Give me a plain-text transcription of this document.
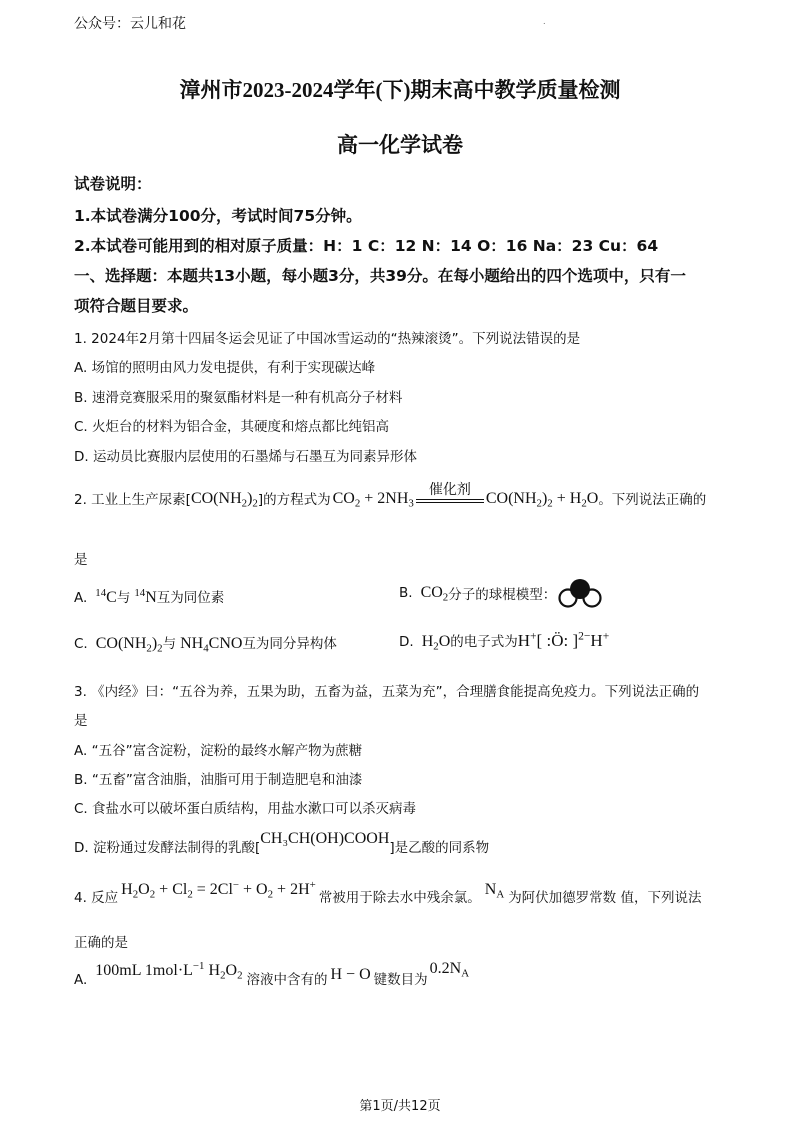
公众号：云儿和花	.
漳州市2023-2024学年(下)期末高中教学质量检测
高一化学试卷
试卷说明：
1.本试卷满分100分，考试时间75分钟。
2.本试卷可能用到的相对原子质量：H：1 C：12 N：14 O：16 Na：23 Cu：64
一、选择题：本题共13小题，每小题3分，共39分。在每小题给出的四个选项中，只有一
项符合题目要求。
1. 2024年2月第十四届冬运会见证了中国冰雪运动的“热辣滚烫”。下列说法错误的是
A. 场馆的照明由风力发电提供，有利于实现碳达峰
B. 速滑竞赛服采用的聚氨酯材料是一种有机高分子材料
C. 火炬台的材料为铝合金，其硬度和熔点都比纯铝高
D. 运动员比赛服内层使用的石墨烯与石墨互为同素异形体
2. 工业上生产尿素[ $CO(NH_2)_2$ ]的方程式为 $CO_2 + 2NH_3$
催化剂 $CO(NH_2)_2 + H_2O$ 。下列说法正确的
是
A. $^{14}$C 与 $^{14}$N 互为同位素	B. $CO_2$ 分子的球棍模型：
C. $CO(NH_2)_2$ 与 $NH_4CNO$ 互为同分异构体	D. $H_2O$ 的电子式为 H+[ :Ö: ]$^{2-}$H+
3. 《内经》曰：“五谷为养，五果为助，五畜为益，五菜为充”，合理膳食能提高免疫力。下列说法正确的
是
A. “五谷”富含淀粉，淀粉的最终水解产物为蔗糖
B. “五畜”富含油脂，油脂可用于制造肥皂和油漆
C. 食盐水可以破坏蛋白质结构，用盐水漱口可以杀灭病毒
D. 淀粉通过发酵法制得的乳酸[
CH₃CH(OH)COOH
]是乙酸的同系物
4. 反应 $H_2O_2 + Cl_2 = 2Cl^- + O_2 + 2H^+$
常被用于除去水中残余氯。 $N_A$ 为阿伏加德罗常数 值，下列说法
正确的是
A.
100mL $1mol\cdot L^{-1}$ $H_2O_2$ 溶液中含有的 H − O 键数目为
$0.2N_A$
第1页/共12页
